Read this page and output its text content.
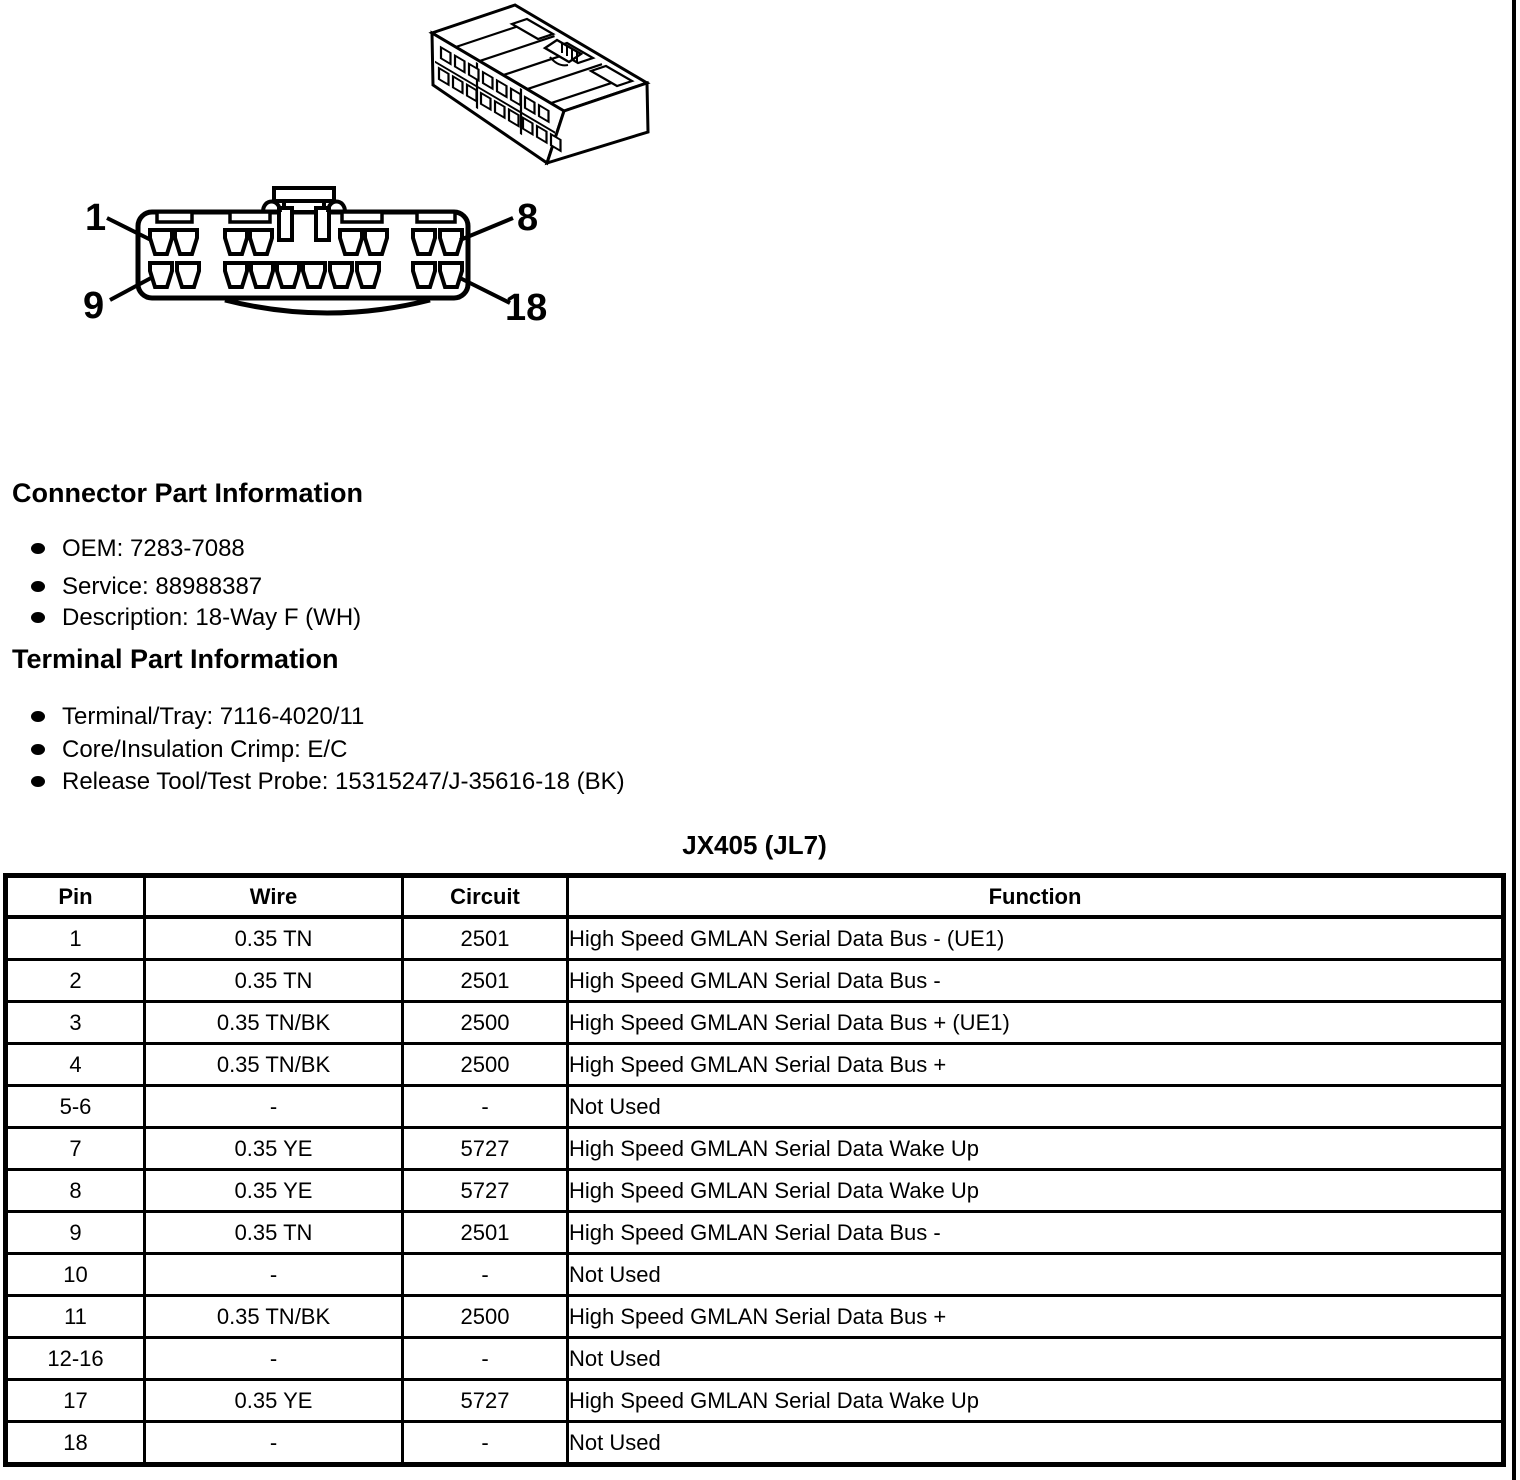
1	8
9	18
Connector Part Information
OEM: 7283-7088
Service: 88988387
Description: 18-Way F (WH)
Terminal Part Information
Terminal/Tray: 7116-4020/11
Core/Insulation Crimp: E/C
Release Tool/Test Probe: 15315247/J-35616-18 (BK)
JX405 (JL7)
Pin	Wire	Circuit	Function
1	0.35 TN	2501	High Speed GMLAN Serial Data Bus - (UE1)
2	0.35 TN	2501	High Speed GMLAN Serial Data Bus -
3	0.35 TN/BK	2500	High Speed GMLAN Serial Data Bus + (UE1)
4	0.35 TN/BK	2500	High Speed GMLAN Serial Data Bus +
5-6	-	-	Not Used
7	0.35 YE	5727	High Speed GMLAN Serial Data Wake Up
8	0.35 YE	5727	High Speed GMLAN Serial Data Wake Up
9	0.35 TN	2501	High Speed GMLAN Serial Data Bus -
10	-	-	Not Used
11	0.35 TN/BK	2500	High Speed GMLAN Serial Data Bus +
12-16	-	-	Not Used
17	0.35 YE	5727	High Speed GMLAN Serial Data Wake Up
18	-	-	Not Used
